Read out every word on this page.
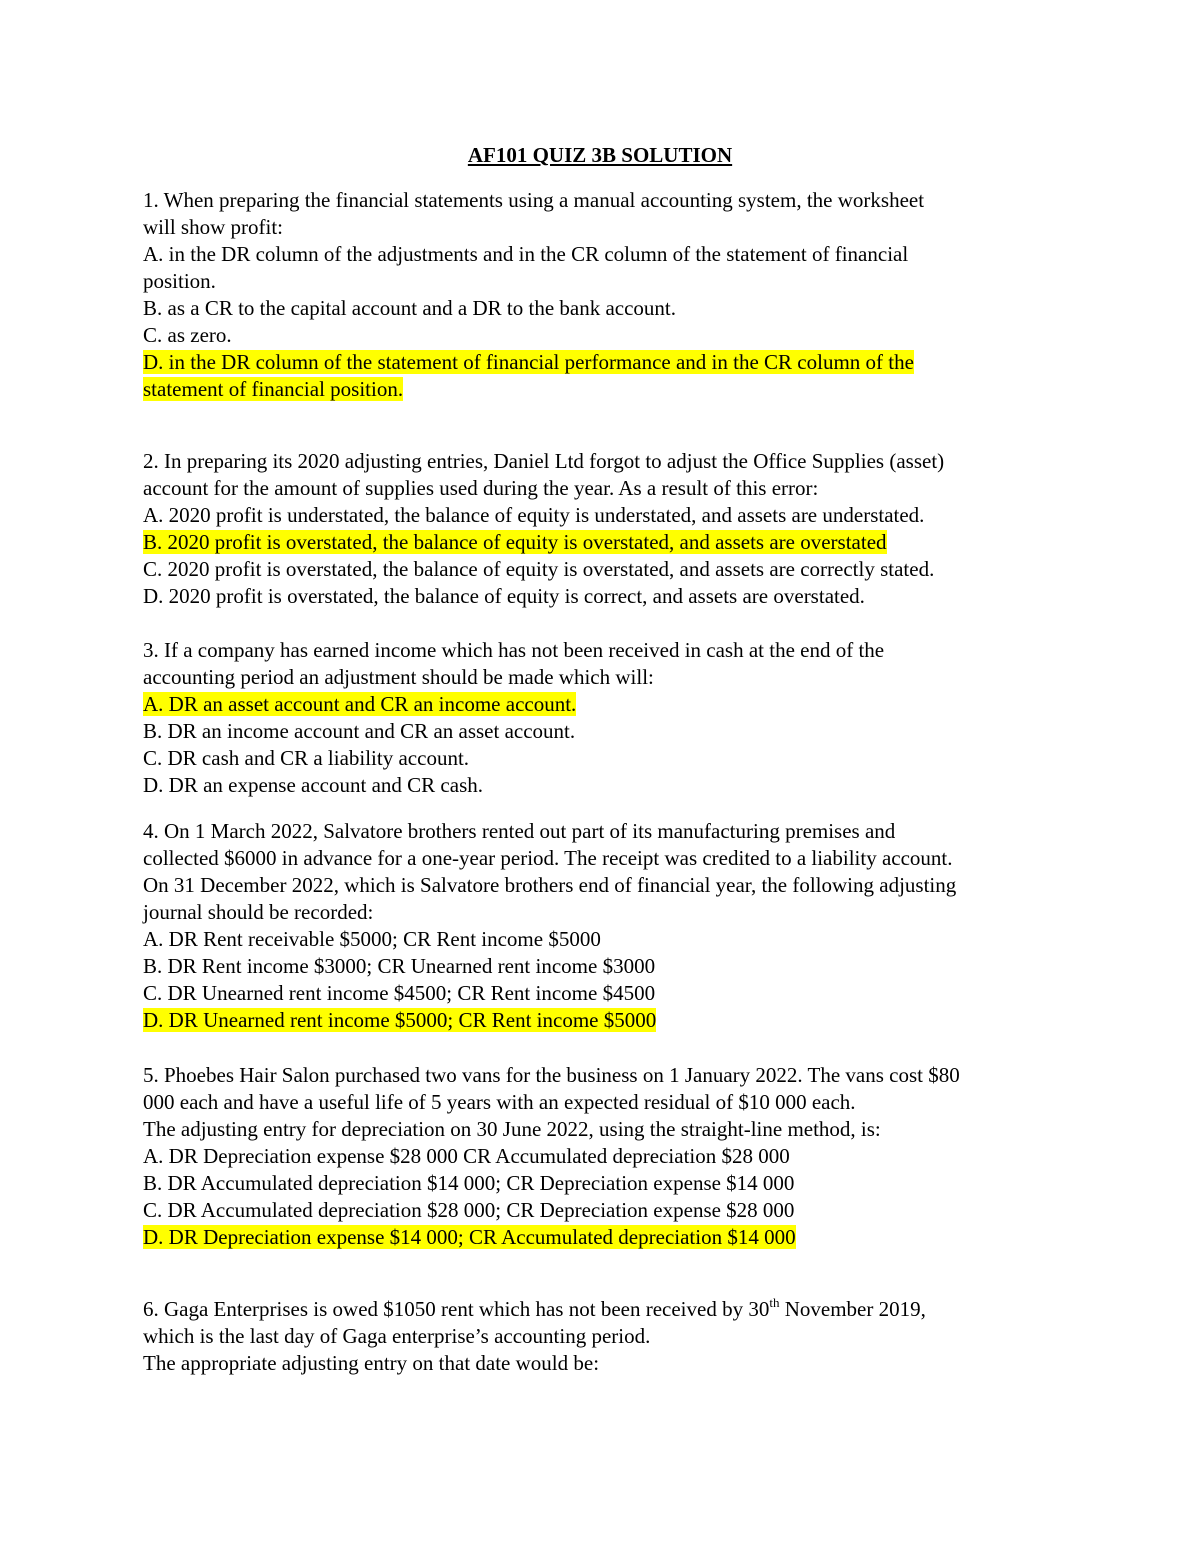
AF101 QUIZ 3B SOLUTION
1. When preparing the financial statements using a manual accounting system, the worksheet
will show profit:
A. in the DR column of the adjustments and in the CR column of the statement of financial
position.
B. as a CR to the capital account and a DR to the bank account.
C. as zero.
D. in the DR column of the statement of financial performance and in the CR column of the
statement of financial position.
2. In preparing its 2020 adjusting entries, Daniel Ltd forgot to adjust the Office Supplies (asset)
account for the amount of supplies used during the year. As a result of this error:
A. 2020 profit is understated, the balance of equity is understated, and assets are understated.
B. 2020 profit is overstated, the balance of equity is overstated, and assets are overstated
C. 2020 profit is overstated, the balance of equity is overstated, and assets are correctly stated.
D. 2020 profit is overstated, the balance of equity is correct, and assets are overstated.
3. If a company has earned income which has not been received in cash at the end of the
accounting period an adjustment should be made which will:
A. DR an asset account and CR an income account.
B. DR an income account and CR an asset account.
C. DR cash and CR a liability account.
D. DR an expense account and CR cash.
4. On 1 March 2022, Salvatore brothers rented out part of its manufacturing premises and
collected $6000 in advance for a one-year period. The receipt was credited to a liability account.
On 31 December 2022, which is Salvatore brothers end of financial year, the following adjusting
journal should be recorded:
A. DR Rent receivable $5000; CR Rent income $5000
B. DR Rent income $3000; CR Unearned rent income $3000
C. DR Unearned rent income $4500; CR Rent income $4500
D. DR Unearned rent income $5000; CR Rent income $5000
5. Phoebes Hair Salon purchased two vans for the business on 1 January 2022. The vans cost $80
000 each and have a useful life of 5 years with an expected residual of $10 000 each.
The adjusting entry for depreciation on 30 June 2022, using the straight-line method, is:
A. DR Depreciation expense $28 000 CR Accumulated depreciation $28 000
B. DR Accumulated depreciation $14 000; CR Depreciation expense $14 000
C. DR Accumulated depreciation $28 000; CR Depreciation expense $28 000
D. DR Depreciation expense $14 000; CR Accumulated depreciation $14 000
6. Gaga Enterprises is owed $1050 rent which has not been received by 30th November 2019,
which is the last day of Gaga enterprise’s accounting period.
The appropriate adjusting entry on that date would be:
